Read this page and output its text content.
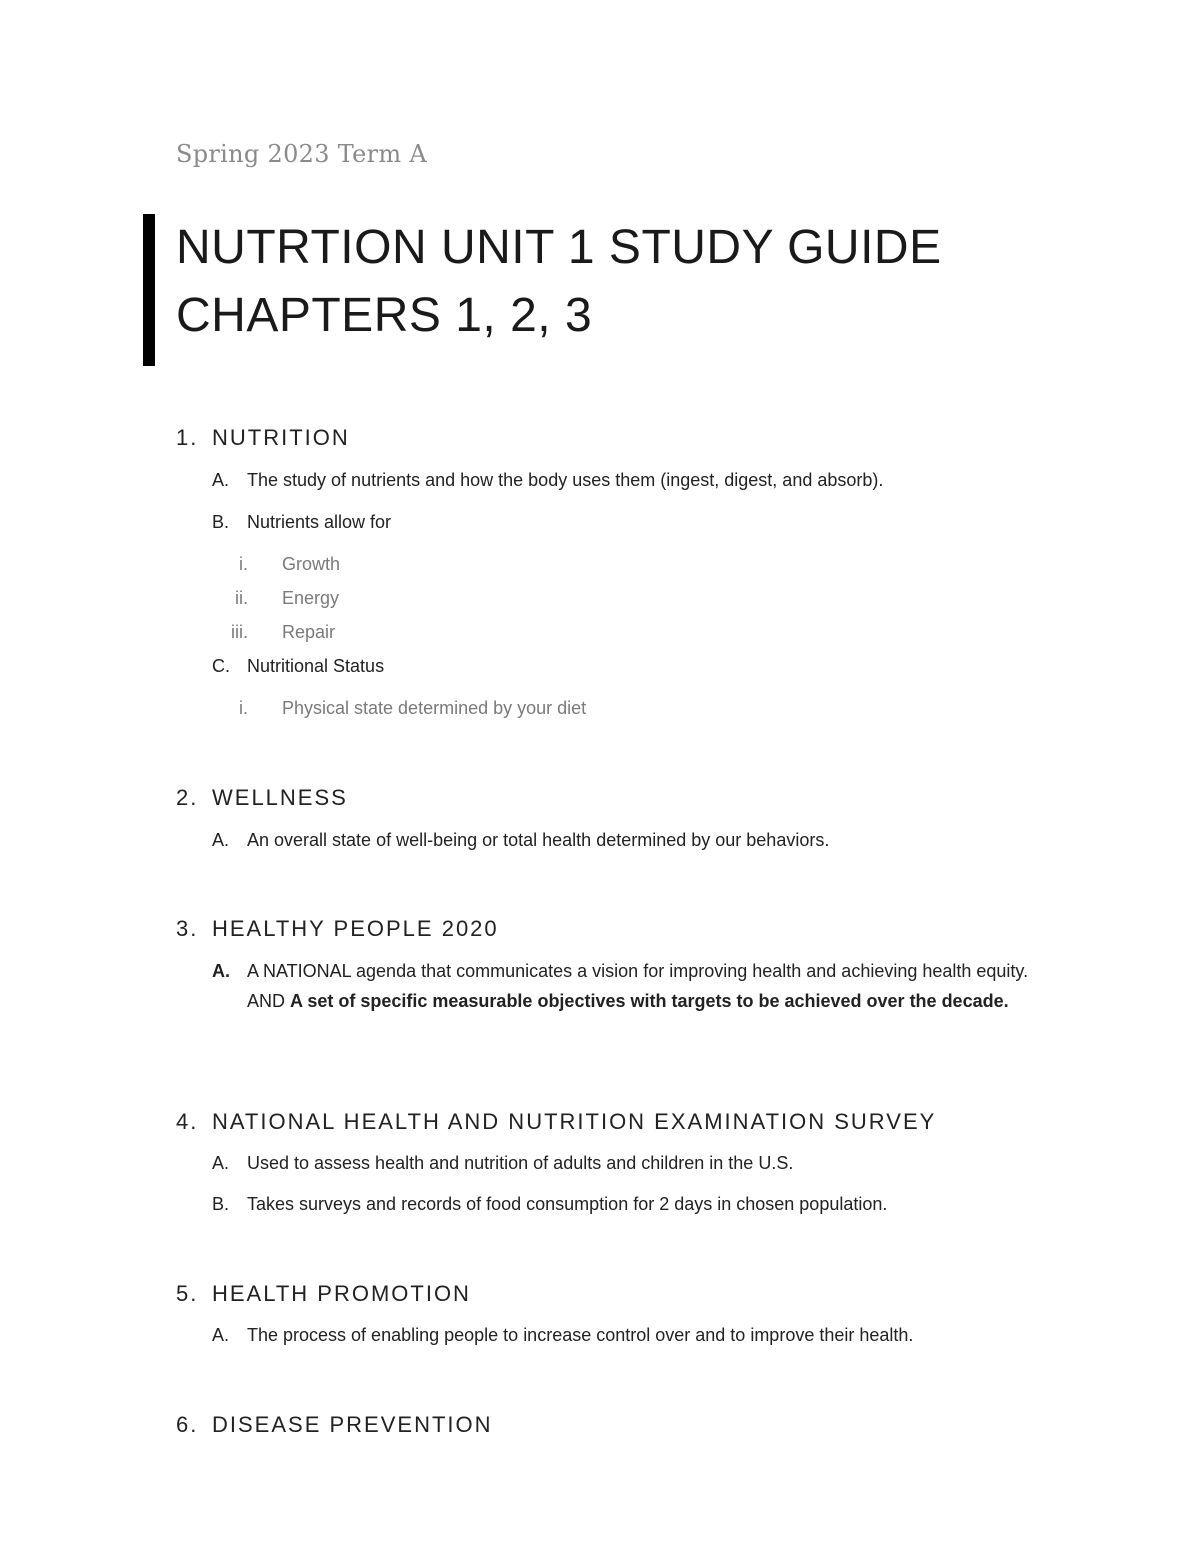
Spring 2023 Term A
NUTRTION UNIT 1 STUDY GUIDE
CHAPTERS 1, 2, 3
1. NUTRITION
A. The study of nutrients and how the body uses them (ingest, digest, and absorb).
B. Nutrients allow for
i. Growth
ii. Energy
iii. Repair
C. Nutritional Status
i. Physical state determined by your diet
2. WELLNESS
A. An overall state of well-being or total health determined by our behaviors.
3. HEALTHY PEOPLE 2020
A. A NATIONAL agenda that communicates a vision for improving health and achieving health equity. AND A set of specific measurable objectives with targets to be achieved over the decade.
4. NATIONAL HEALTH AND NUTRITION EXAMINATION SURVEY
A. Used to assess health and nutrition of adults and children in the U.S.
B. Takes surveys and records of food consumption for 2 days in chosen population.
5. HEALTH PROMOTION
A. The process of enabling people to increase control over and to improve their health.
6. DISEASE PREVENTION
